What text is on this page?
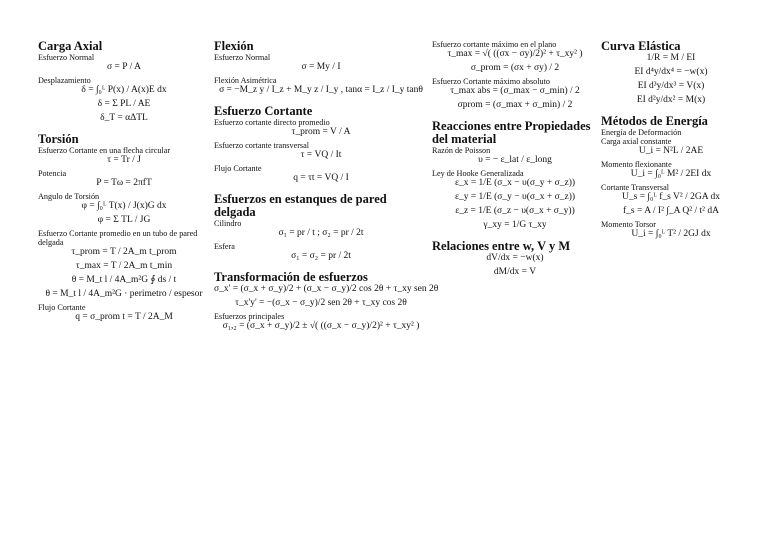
Carga Axial

Esfuerzo Normal

σ = P / A

Desplazamiento

δ = ∫₀ᴸ P(x) / A(x)E dx

δ = Σ PL / AE

δ_T = αΔTL

Torsión

Esfuerzo Cortante en una flecha circular

τ = Tr / J

Potencia

P = Tω = 2πfT

Angulo de Torsión

φ = ∫₀ᴸ T(x) / J(x)G dx

φ = Σ TL / JG

Esfuerzo Cortante promedio en un tubo de pared delgada

τ_prom = T / 2A_m t_prom

τ_max = T / 2A_m t_min

θ = M_t l / 4A_m²G ∮ ds / t

θ = M_t l / 4A_m²G · perimetro / espesor

Flujo Cortante

q = σ_prom t = T / 2A_M

Flexión

Esfuerzo Normal

σ = My / I

Flexión Asimétrica

σ = −M_z y / I_z + M_y z / I_y , tanα = I_z / I_y tanθ

Esfuerzo Cortante

Esfuerzo cortante directo promedio

τ_prom = V / A

Esfuerzo cortante transversal

τ = VQ / It

Flujo Cortante

q = τt = VQ / I

Esfuerzos en estanques de pared delgada

Cilindro

σ₁ = pr / t ; σ₂ = pr / 2t

Esfera

σ₁ = σ₂ = pr / 2t

Transformación de esfuerzos

σ_x' = (σ_x + σ_y)/2 + (σ_x − σ_y)/2 cos 2θ + τ_xy sen 2θ

τ_x'y' = −(σ_x − σ_y)/2 sen 2θ + τ_xy cos 2θ

Esfuerzos principales

σ₁,₂ = (σ_x + σ_y)/2 ± √( ((σ_x − σ_y)/2)² + τ_xy² )

Esfuerzo cortante máximo en el plano

τ_max = √( ((σx − σy)/2)² + τ_xy² )

σ_prom = (σx + σy) / 2

Esfuerzo Cortante máximo absoluto

τ_max abs = (σ_max − σ_min) / 2

σprom = (σ_max + σ_min) / 2

Reacciones entre Propiedades del material

Razón de Poisson

υ = − ε_lat / ε_long

Ley de Hooke Generalizada

ε_x = 1/E (σ_x − υ(σ_y + σ_z))

ε_y = 1/E (σ_y − υ(σ_x + σ_z))

ε_z = 1/E (σ_z − υ(σ_x + σ_y))

γ_xy = 1/G τ_xy

Relaciones entre w, V y M

dV/dx = −w(x)

dM/dx = V

Curva Elástica

1/R = M / EI

EI d⁴y/dx⁴ = −w(x)

EI d³y/dx³ = V(x)

EI d²y/dx² = M(x)

Métodos de Energía

Energía de Deformación

Carga axial constante

U_i = N²L / 2AE

Momento flexionante

U_i = ∫₀ᴸ M² / 2EI dx

Cortante Transversal

U_s = ∫₀ᴸ f_s V² / 2GA dx

f_s = A / I² ∫_A Q² / t² dA

Momento Torsor

U_i = ∫₀ᴸ T² / 2GJ dx
